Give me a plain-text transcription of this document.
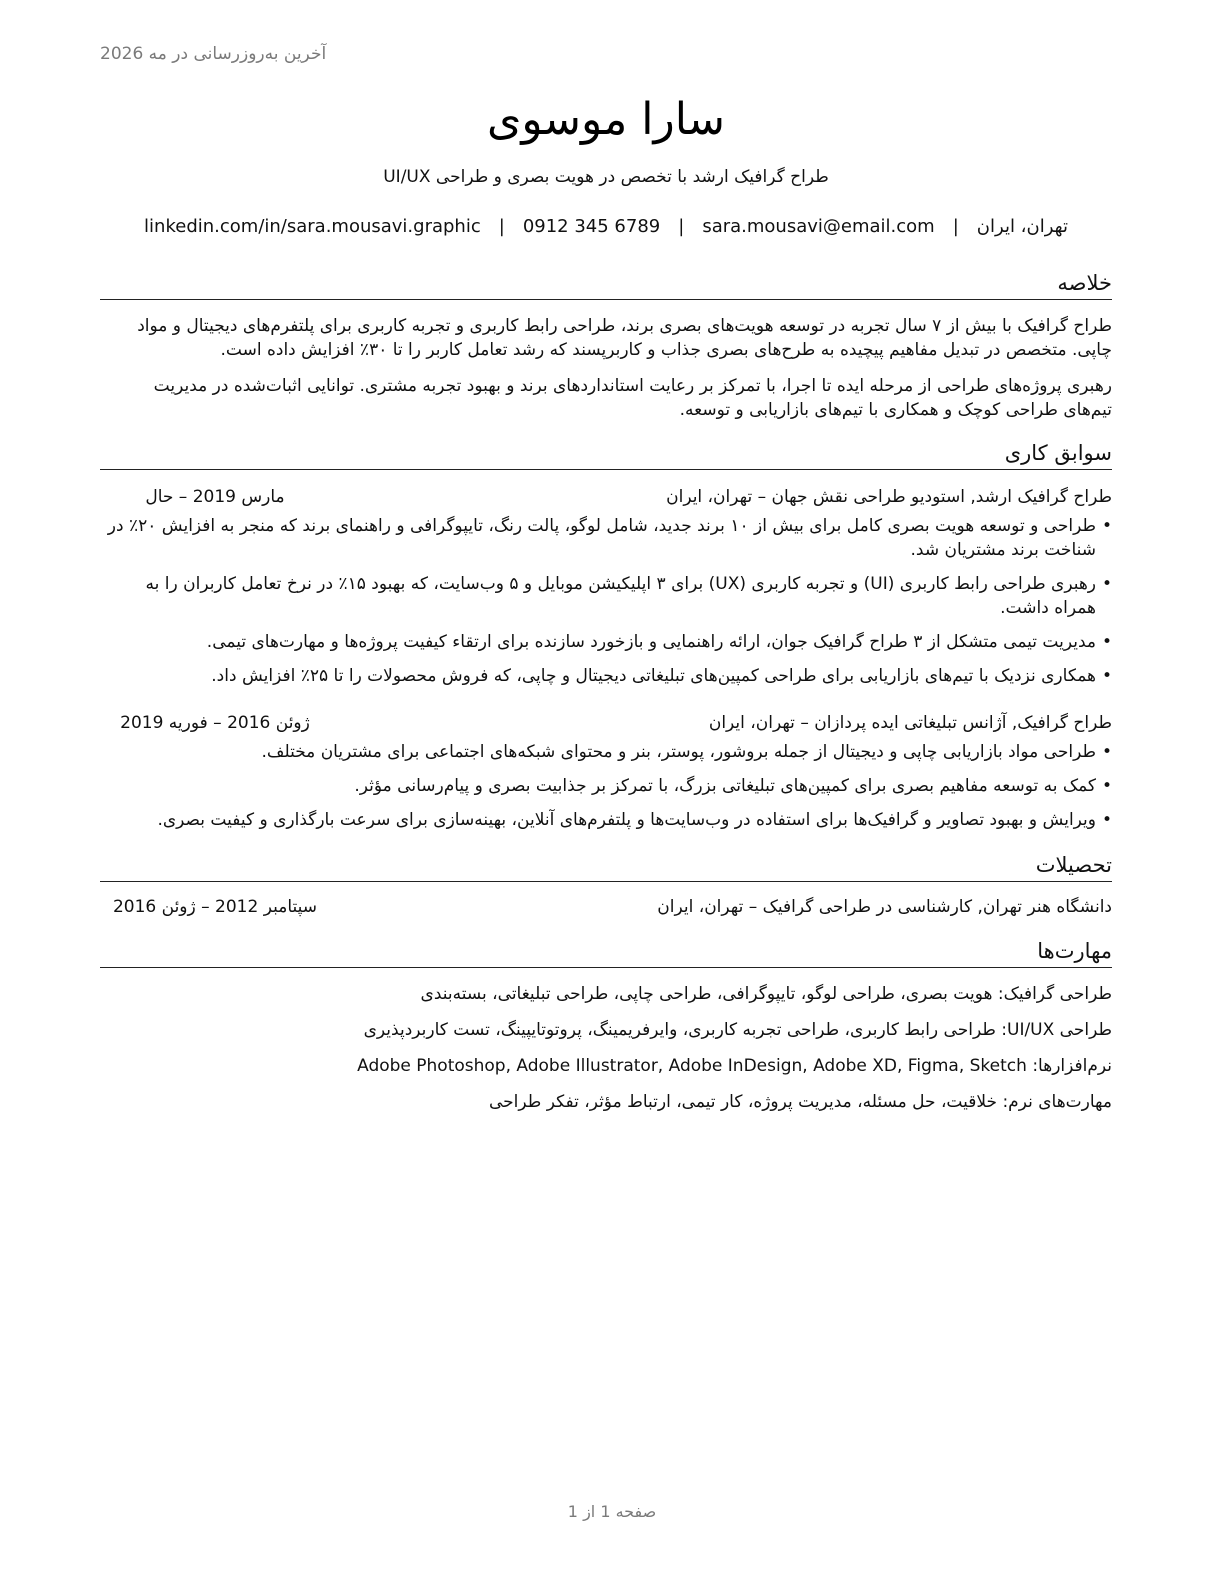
آخرین به‌روزرسانی در مه 2026
سارا موسوی
طراح گرافیک ارشد با تخصص در هویت بصری و طراحی UI/UX
تهران، ایران
|
sara.mousavi@email.com
|
0912 345 6789
|
linkedin.com/in/sara.mousavi.graphic
خلاصه

طراح گرافیک با بیش از ۷ سال تجربه در توسعه هویت‌های بصری برند، طراحی رابط کاربری و تجربه کاربری برای پلتفرم‌های دیجیتال و مواد چاپی. متخصص در تبدیل مفاهیم پیچیده به طرح‌های بصری جذاب و کاربرپسند که رشد تعامل کاربر را تا ۳۰٪ افزایش داده است.

رهبری پروژه‌های طراحی از مرحله ایده تا اجرا، با تمرکز بر رعایت استانداردهای برند و بهبود تجربه مشتری. توانایی اثبات‌شده در مدیریت تیم‌های طراحی کوچک و همکاری با تیم‌های بازاریابی و توسعه.

سوابق کاری
طراح گرافیک ارشد, استودیو طراحی نقش جهان – تهران، ایران
مارس 2019 – حال
• طراحی و توسعه هویت بصری کامل برای بیش از ۱۰ برند جدید، شامل لوگو، پالت رنگ، تایپوگرافی و راهنمای برند که منجر به افزایش ۲۰٪ در شناخت برند مشتریان شد.
• رهبری طراحی رابط کاربری (UI) و تجربه کاربری (UX) برای ۳ اپلیکیشن موبایل و ۵ وب‌سایت، که بهبود ۱۵٪ در نرخ تعامل کاربران را به همراه داشت.
• مدیریت تیمی متشکل از ۳ طراح گرافیک جوان، ارائه راهنمایی و بازخورد سازنده برای ارتقاء کیفیت پروژه‌ها و مهارت‌های تیمی.
• همکاری نزدیک با تیم‌های بازاریابی برای طراحی کمپین‌های تبلیغاتی دیجیتال و چاپی، که فروش محصولات را تا ۲۵٪ افزایش داد.
طراح گرافیک, آژانس تبلیغاتی ایده پردازان – تهران، ایران
ژوئن 2016 – فوریه 2019
• طراحی مواد بازاریابی چاپی و دیجیتال از جمله بروشور، پوستر، بنر و محتوای شبکه‌های اجتماعی برای مشتریان مختلف.
• کمک به توسعه مفاهیم بصری برای کمپین‌های تبلیغاتی بزرگ، با تمرکز بر جذابیت بصری و پیام‌رسانی مؤثر.
• ویرایش و بهبود تصاویر و گرافیک‌ها برای استفاده در وب‌سایت‌ها و پلتفرم‌های آنلاین، بهینه‌سازی برای سرعت بارگذاری و کیفیت بصری.
تحصیلات
دانشگاه هنر تهران, کارشناسی در طراحی گرافیک – تهران، ایران
سپتامبر 2012 – ژوئن 2016
مهارت‌ها
طراحی گرافیک: هویت بصری، طراحی لوگو، تایپوگرافی، طراحی چاپی، طراحی تبلیغاتی، بسته‌بندی
طراحی UI/UX: طراحی رابط کاربری، طراحی تجربه کاربری، وایرفریمینگ، پروتوتایپینگ، تست کاربردپذیری
نرم‌افزارها: Adobe Photoshop, Adobe Illustrator, Adobe InDesign, Adobe XD, Figma, Sketch
مهارت‌های نرم: خلاقیت، حل مسئله، مدیریت پروژه، کار تیمی، ارتباط مؤثر، تفکر طراحی
صفحه 1 از 1
